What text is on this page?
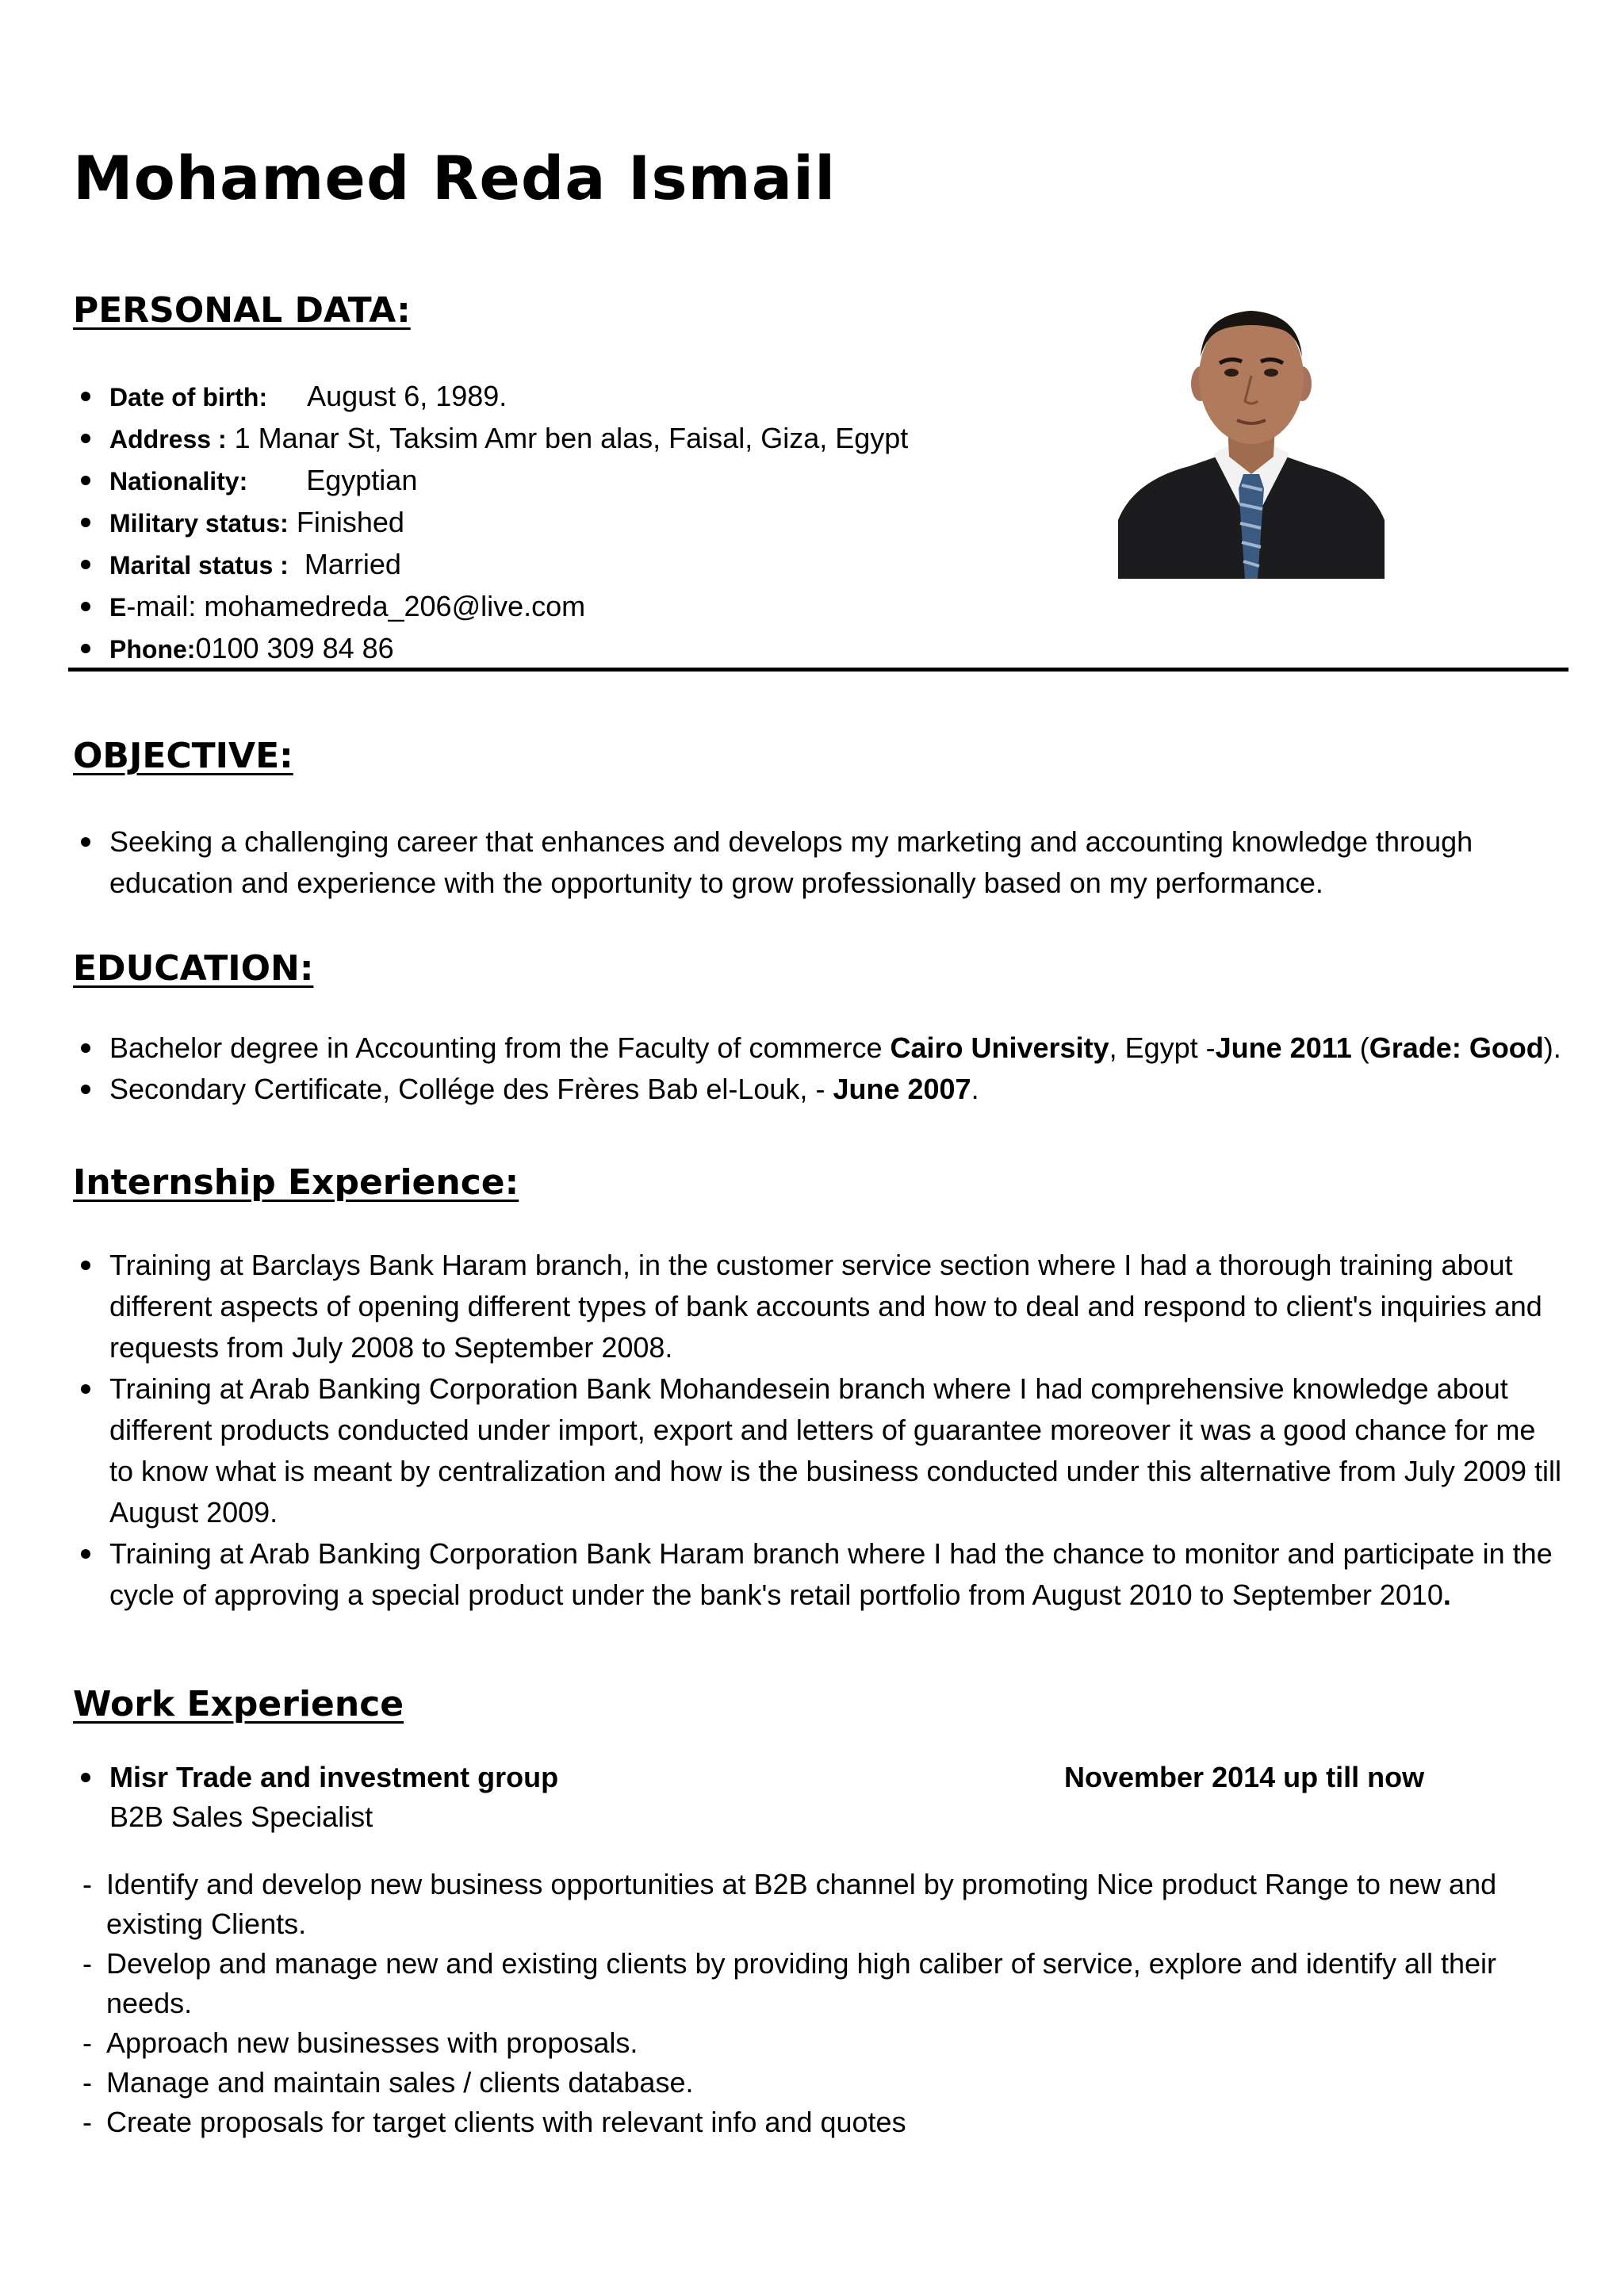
Mohamed Reda Ismail
PERSONAL DATA:
Date of birth: August 6, 1989.
Address : 1 Manar St, Taksim Amr ben alas, Faisal, Giza, Egypt
Nationality: Egyptian
Military status: Finished
Marital status : Married
E-mail: mohamedreda_206@live.com
Phone:0100 309 84 86
OBJECTIVE:
Seeking a challenging career that enhances and develops my marketing and accounting knowledge through education and experience with the opportunity to grow professionally based on my performance.
EDUCATION:
Bachelor degree in Accounting from the Faculty of commerce Cairo University, Egypt -June 2011 (Grade: Good).
Secondary Certificate, Collége des Frères Bab el-Louk, - June 2007.
Internship Experience:
Training at Barclays Bank Haram branch, in the customer service section where I had a thorough training about different aspects of opening different types of bank accounts and how to deal and respond to client's inquiries and requests from July 2008 to September 2008.
Training at Arab Banking Corporation Bank Mohandesein branch where I had comprehensive knowledge about different products conducted under import, export and letters of guarantee moreover it was a good chance for me to know what is meant by centralization and how is the business conducted under this alternative from July 2009 till August 2009.
Training at Arab Banking Corporation Bank Haram branch where I had the chance to monitor and participate in the cycle of approving a special product under the bank's retail portfolio from August 2010 to September 2010.
Work Experience
Misr Trade and investment group	November 2014 up till now
B2B Sales Specialist
- Identify and develop new business opportunities at B2B channel by promoting Nice product Range to new and existing Clients.
- Develop and manage new and existing clients by providing high caliber of service, explore and identify all their needs.
- Approach new businesses with proposals.
- Manage and maintain sales / clients database.
- Create proposals for target clients with relevant info and quotes
